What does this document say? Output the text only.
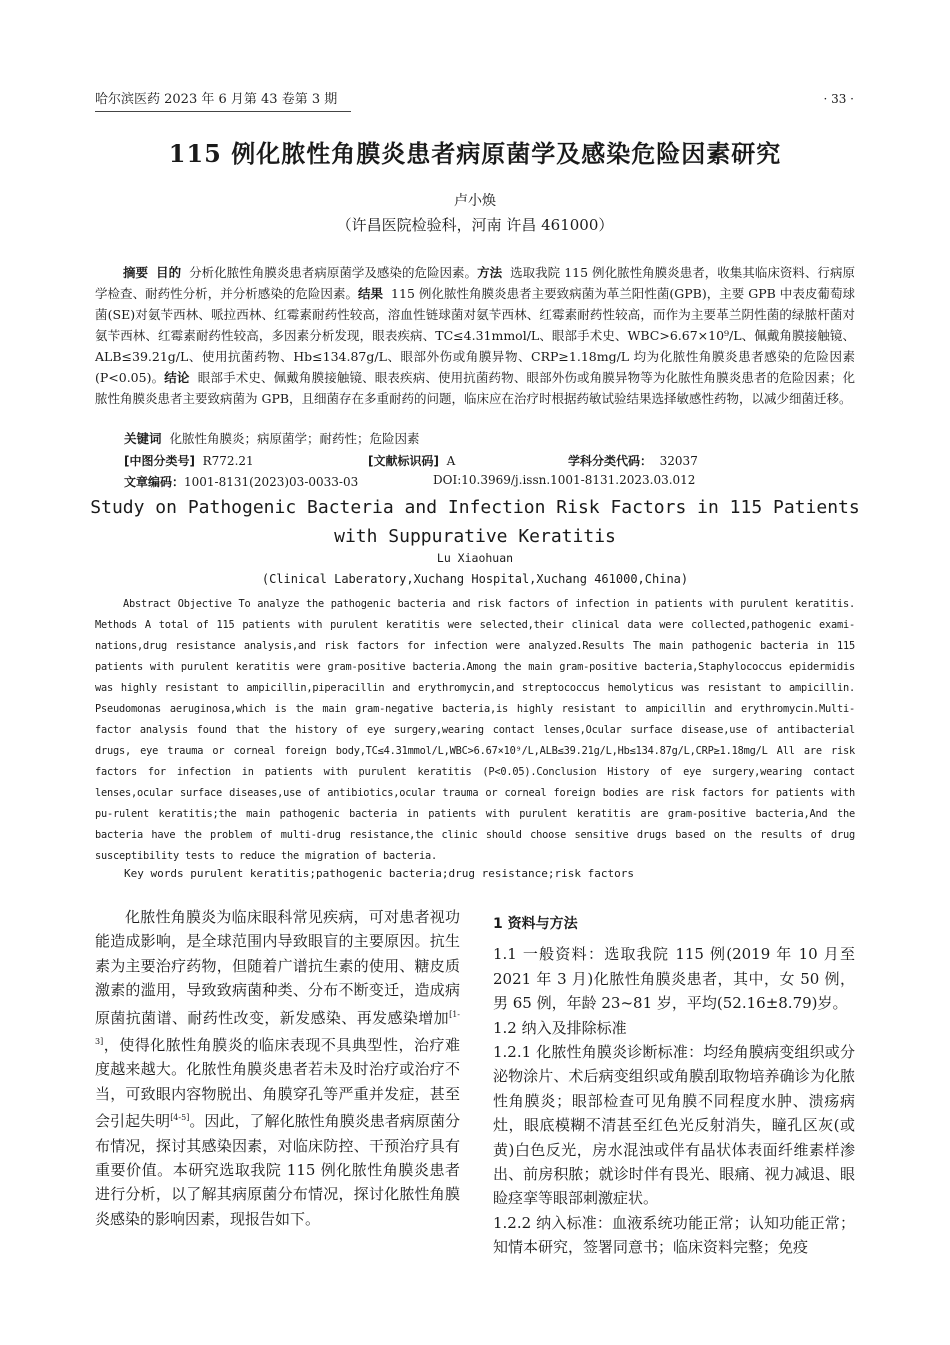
哈尔滨医药 2023 年 6 月第 43 卷第 3 期	· 33 ·
115 例化脓性角膜炎患者病原菌学及感染危险因素研究
卢小焕
（许昌医院检验科，河南 许昌 461000）
摘要 目的 分析化脓性角膜炎患者病原菌学及感染的危险因素。方法 选取我院 115 例化脓性角膜炎患者，收集其临床资料、行病原学检查、耐药性分析，并分析感染的危险因素。结果 115 例化脓性角膜炎患者主要致病菌为革兰阳性菌(GPB)，主要 GPB 中表皮葡萄球菌(SE)对氨苄西林、哌拉西林、红霉素耐药性较高，溶血性链球菌对氨苄西林、红霉素耐药性较高，而作为主要革兰阴性菌的绿脓杆菌对氨苄西林、红霉素耐药性较高，多因素分析发现，眼表疾病、TC≤4.31mmol/L、眼部手术史、WBC>6.67×10⁹/L、佩戴角膜接触镜、ALB≤39.21g/L、使用抗菌药物、Hb≤134.87g/L、眼部外伤或角膜异物、CRP≥1.18mg/L 均为化脓性角膜炎患者感染的危险因素(P<0.05)。结论 眼部手术史、佩戴角膜接触镜、眼表疾病、使用抗菌药物、眼部外伤或角膜异物等为化脓性角膜炎患者的危险因素；化脓性角膜炎患者主要致病菌为 GPB，且细菌存在多重耐药的问题，临床应在治疗时根据药敏试验结果选择敏感性药物，以减少细菌迁移。
关键词 化脓性角膜炎；病原菌学；耐药性；危险因素
[中图分类号] R772.21	[文献标识码] A	学科分类代码： 32037
文章编码：1001-8131(2023)03-0033-03	DOI:10.3969/j.issn.1001-8131.2023.03.012
Study on Pathogenic Bacteria and Infection Risk Factors in 115 Patients
with Suppurative Keratitis
Lu Xiaohuan
(Clinical Laberatory,Xuchang Hospital,Xuchang 461000,China)
Abstract Objective To analyze the pathogenic bacteria and risk factors of infection in patients with purulent keratitis. Methods A total of 115 patients with purulent keratitis were selected,their clinical data were collected,pathogenic exami-nations,drug resistance analysis,and risk factors for infection were analyzed.Results The main pathogenic bacteria in 115 patients with purulent keratitis were gram-positive bacteria.Among the main gram-positive bacteria,Staphylococcus epidermidis was highly resistant to ampicillin,piperacillin and erythromycin,and streptococcus hemolyticus was resistant to ampicillin. Pseudomonas aeruginosa,which is the main gram-negative bacteria,is highly resistant to ampicillin and erythromycin.Multi-factor analysis found that the history of eye surgery,wearing contact lenses,Ocular surface disease,use of antibacterial drugs, eye trauma or corneal foreign body,TC≤4.31mmol/L,WBC>6.67×10⁹/L,ALB≤39.21g/L,Hb≤134.87g/L,CRP≥1.18mg/L All are risk factors for infection in patients with purulent keratitis (P<0.05).Conclusion History of eye surgery,wearing contact lenses,ocular surface diseases,use of antibiotics,ocular trauma or corneal foreign bodies are risk factors for patients with pu-rulent keratitis;the main pathogenic bacteria in patients with purulent keratitis are gram-positive bacteria,And the bacteria have the problem of multi-drug resistance,the clinic should choose sensitive drugs based on the results of drug susceptibility tests to reduce the migration of bacteria.
Key words purulent keratitis;pathogenic bacteria;drug resistance;risk factors
化脓性角膜炎为临床眼科常见疾病，可对患者视功能造成影响，是全球范围内导致眼盲的主要原因。抗生素为主要治疗药物，但随着广谱抗生素的使用、糖皮质激素的滥用，导致致病菌种类、分布不断变迁，造成病原菌抗菌谱、耐药性改变，新发感染、再发感染增加[1-3]，使得化脓性角膜炎的临床表现不具典型性，治疗难度越来越大。化脓性角膜炎患者若未及时治疗或治疗不当，可致眼内容物脱出、角膜穿孔等严重并发症，甚至会引起失明[4-5]。因此，了解化脓性角膜炎患者病原菌分布情况，探讨其感染因素，对临床防控、干预治疗具有重要价值。本研究选取我院 115 例化脓性角膜炎患者进行分析，以了解其病原菌分布情况，探讨化脓性角膜炎感染的影响因素，现报告如下。

1 资料与方法

1.1 一般资料：选取我院 115 例(2019 年 10 月至 2021 年 3 月)化脓性角膜炎患者，其中，女 50 例，男 65 例，年龄 23~81 岁，平均(52.16±8.79)岁。

1.2 纳入及排除标准

1.2.1 化脓性角膜炎诊断标准：均经角膜病变组织或分泌物涂片、术后病变组织或角膜刮取物培养确诊为化脓性角膜炎；眼部检查可见角膜不同程度水肿、溃疡病灶，眼底模糊不清甚至红色光反射消失，瞳孔区灰(或黄)白色反光，房水混浊或伴有晶状体表面纤维素样渗出、前房积脓；就诊时伴有畏光、眼痛、视力减退、眼睑痉挛等眼部刺激症状。

1.2.2 纳入标准：血液系统功能正常；认知功能正常；知情本研究，签署同意书；临床资料完整；免疫
